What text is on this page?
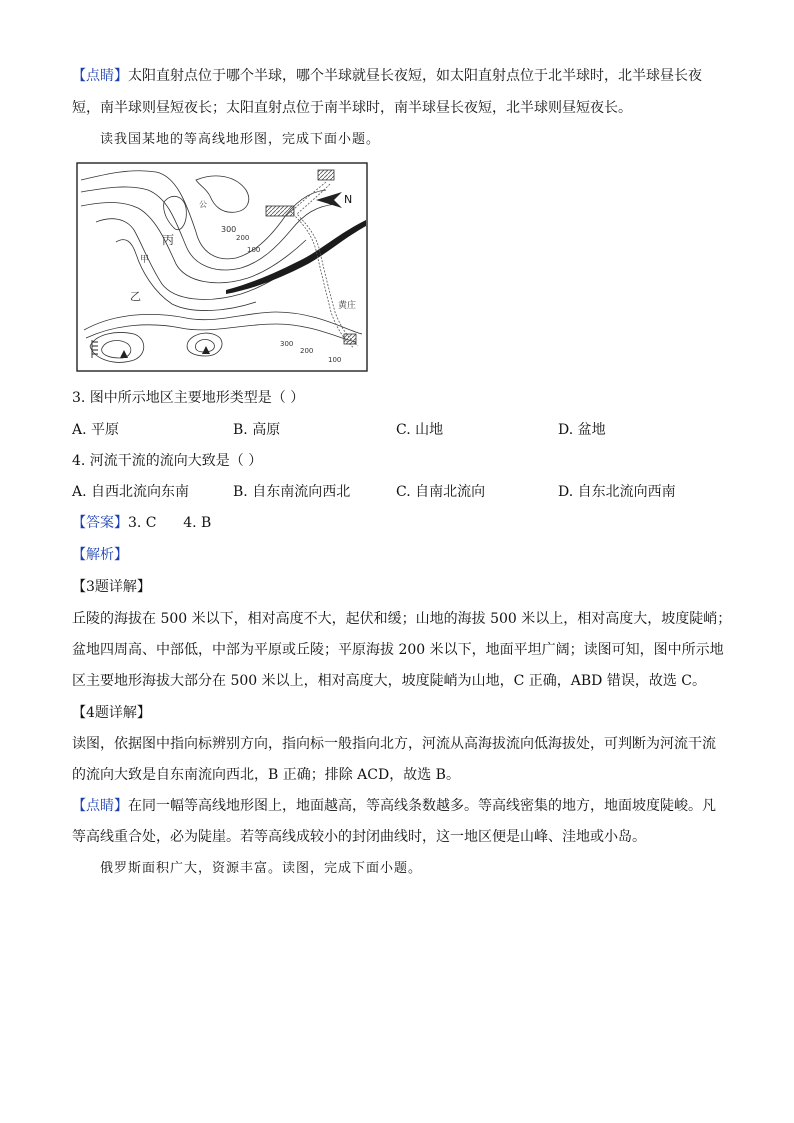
【点睛】太阳直射点位于哪个半球，哪个半球就昼长夜短，如太阳直射点位于北半球时，北半球昼长夜
短，南半球则昼短夜长；太阳直射点位于南半球时，南半球昼长夜短，北半球则昼短夜长。
读我国某地的等高线地形图，完成下面小题。
N
丙
甲
乙
公
黄庄
300
200
100
300
200
100
3. 图中所示地区主要地形类型是（ ）
A. 平原	B. 高原	C. 山地	D. 盆地
4. 河流干流的流向大致是（ ）
A. 自西北流向东南	B. 自东南流向西北	C. 自南北流向	D. 自东北流向西南
【答案】3. C      4. B
【解析】
【3题详解】
丘陵的海拔在 500 米以下，相对高度不大，起伏和缓；山地的海拔 500 米以上，相对高度大，坡度陡峭；
盆地四周高、中部低，中部为平原或丘陵；平原海拔 200 米以下，地面平坦广阔；读图可知，图中所示地
区主要地形海拔大部分在 500 米以上，相对高度大，坡度陡峭为山地，C 正确，ABD 错误，故选 C。
【4题详解】
读图，依据图中指向标辨别方向，指向标一般指向北方，河流从高海拔流向低海拔处，可判断为河流干流
的流向大致是自东南流向西北，B 正确；排除 ACD，故选 B。
【点睛】在同一幅等高线地形图上，地面越高，等高线条数越多。等高线密集的地方，地面坡度陡峻。凡
等高线重合处，必为陡崖。若等高线成较小的封闭曲线时，这一地区便是山峰、洼地或小岛。
俄罗斯面积广大，资源丰富。读图，完成下面小题。
